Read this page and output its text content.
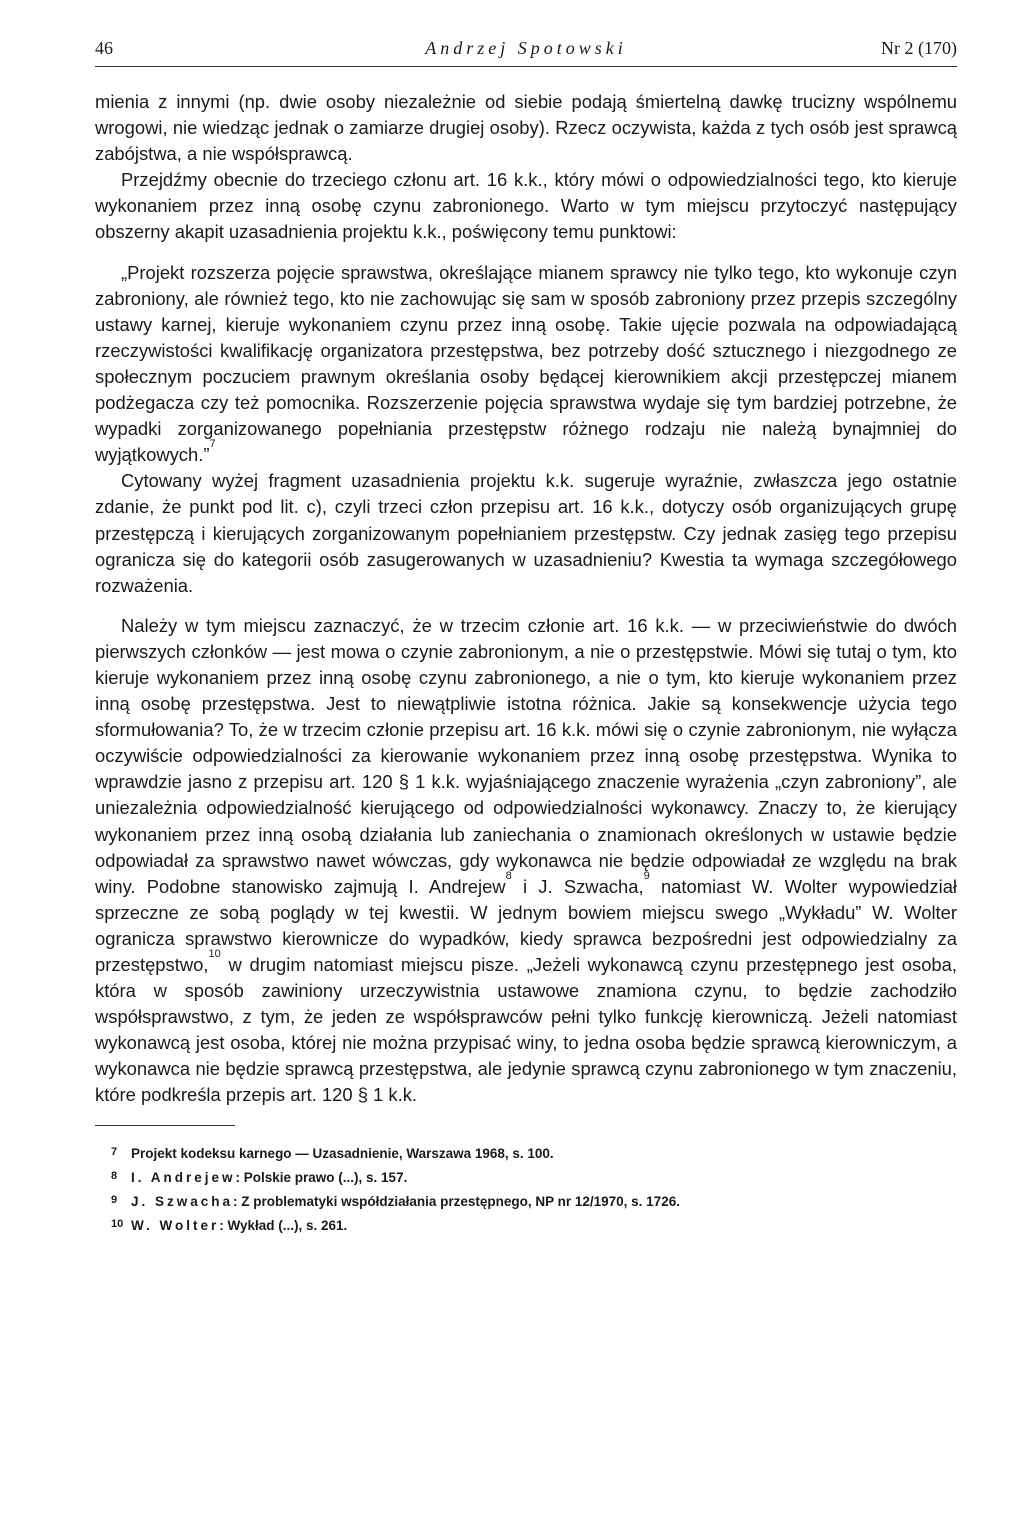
46	Andrzej Spotowski	Nr 2 (170)

mienia z innymi (np. dwie osoby niezależnie od siebie podają śmiertelną dawkę trucizny wspólnemu wrogowi, nie wiedząc jednak o zamiarze drugiej osoby). Rzecz oczywista, każda z tych osób jest sprawcą zabójstwa, a nie współsprawcą.

Przejdźmy obecnie do trzeciego członu art. 16 k.k., który mówi o odpowiedzialności tego, kto kieruje wykonaniem przez inną osobę czynu zabronionego. Warto w tym miejscu przytoczyć następujący obszerny akapit uzasadnienia projektu k.k., poświęcony temu punktowi:

„Projekt rozszerza pojęcie sprawstwa, określające mianem sprawcy nie tylko tego, kto wykonuje czyn zabroniony, ale również tego, kto nie zachowując się sam w sposób zabroniony przez przepis szczególny ustawy karnej, kieruje wykonaniem czynu przez inną osobę. Takie ujęcie pozwala na odpowiadającą rzeczywistości kwalifikację organizatora przestępstwa, bez potrzeby dość sztucznego i niezgodnego ze społecznym poczuciem prawnym określania osoby będącej kierownikiem akcji przestępczej mianem podżegacza czy też pomocnika. Rozszerzenie pojęcia sprawstwa wydaje się tym bardziej potrzebne, że wypadki zorganizowanego popełniania przestępstw różnego rodzaju nie należą bynajmniej do wyjątkowych.”$^7$

Cytowany wyżej fragment uzasadnienia projektu k.k. sugeruje wyraźnie, zwłaszcza jego ostatnie zdanie, że punkt pod lit. c), czyli trzeci człon przepisu art. 16 k.k., dotyczy osób organizujących grupę przestępczą i kierujących zorganizowanym popełnianiem przestępstw. Czy jednak zasięg tego przepisu ogranicza się do kategorii osób zasugerowanych w uzasadnieniu? Kwestia ta wymaga szczegółowego rozważenia.

Należy w tym miejscu zaznaczyć, że w trzecim członie art. 16 k.k. — w przeciwieństwie do dwóch pierwszych członków — jest mowa o czynie zabronionym, a nie o przestępstwie. Mówi się tutaj o tym, kto kieruje wykonaniem przez inną osobę czynu zabronionego, a nie o tym, kto kieruje wykonaniem przez inną osobę przestępstwa. Jest to niewątpliwie istotna różnica. Jakie są konsekwencje użycia tego sformułowania? To, że w trzecim członie przepisu art. 16 k.k. mówi się o czynie zabronionym, nie wyłącza oczywiście odpowiedzialności za kierowanie wykonaniem przez inną osobę przestępstwa. Wynika to wprawdzie jasno z przepisu art. 120 § 1 k.k. wyjaśniającego znaczenie wyrażenia „czyn zabroniony”, ale uniezależnia odpowiedzialność kierującego od odpowiedzialności wykonawcy. Znaczy to, że kierujący wykonaniem przez inną osobą działania lub zaniechania o znamionach określonych w ustawie będzie odpowiadał za sprawstwo nawet wówczas, gdy wykonawca nie będzie odpowiadał ze względu na brak winy. Podobne stanowisko zajmują I. Andrejew$^8$ i J. Szwacha,$^9$ natomiast W. Wolter wypowiedział sprzeczne ze sobą poglądy w tej kwestii. W jednym bowiem miejscu swego „Wykładu” W. Wolter ogranicza sprawstwo kierownicze do wypadków, kiedy sprawca bezpośredni jest odpowiedzialny za przestępstwo,$^{10}$ w drugim natomiast miejscu pisze. „Jeżeli wykonawcą czynu przestępnego jest osoba, która w sposób zawiniony urzeczywistnia ustawowe znamiona czynu, to będzie zachodziło współsprawstwo, z tym, że jeden ze współsprawców pełni tylko funkcję kierowniczą. Jeżeli natomiast wykonawcą jest osoba, której nie można przypisać winy, to jedna osoba będzie sprawcą kierowniczym, a wykonawca nie będzie sprawcą przestępstwa, ale jedynie sprawcą czynu zabronionego w tym znaczeniu, które podkreśla przepis art. 120 § 1 k.k.

7 Projekt kodeksu karnego — Uzasadnienie, Warszawa 1968, s. 100.
8 I. Andrejew: Polskie prawo (...), s. 157.
9 J. Szwacha: Z problematyki współdziałania przestępnego, NP nr 12/1970, s. 1726.
10 W. Wolter: Wykład (...), s. 261.
